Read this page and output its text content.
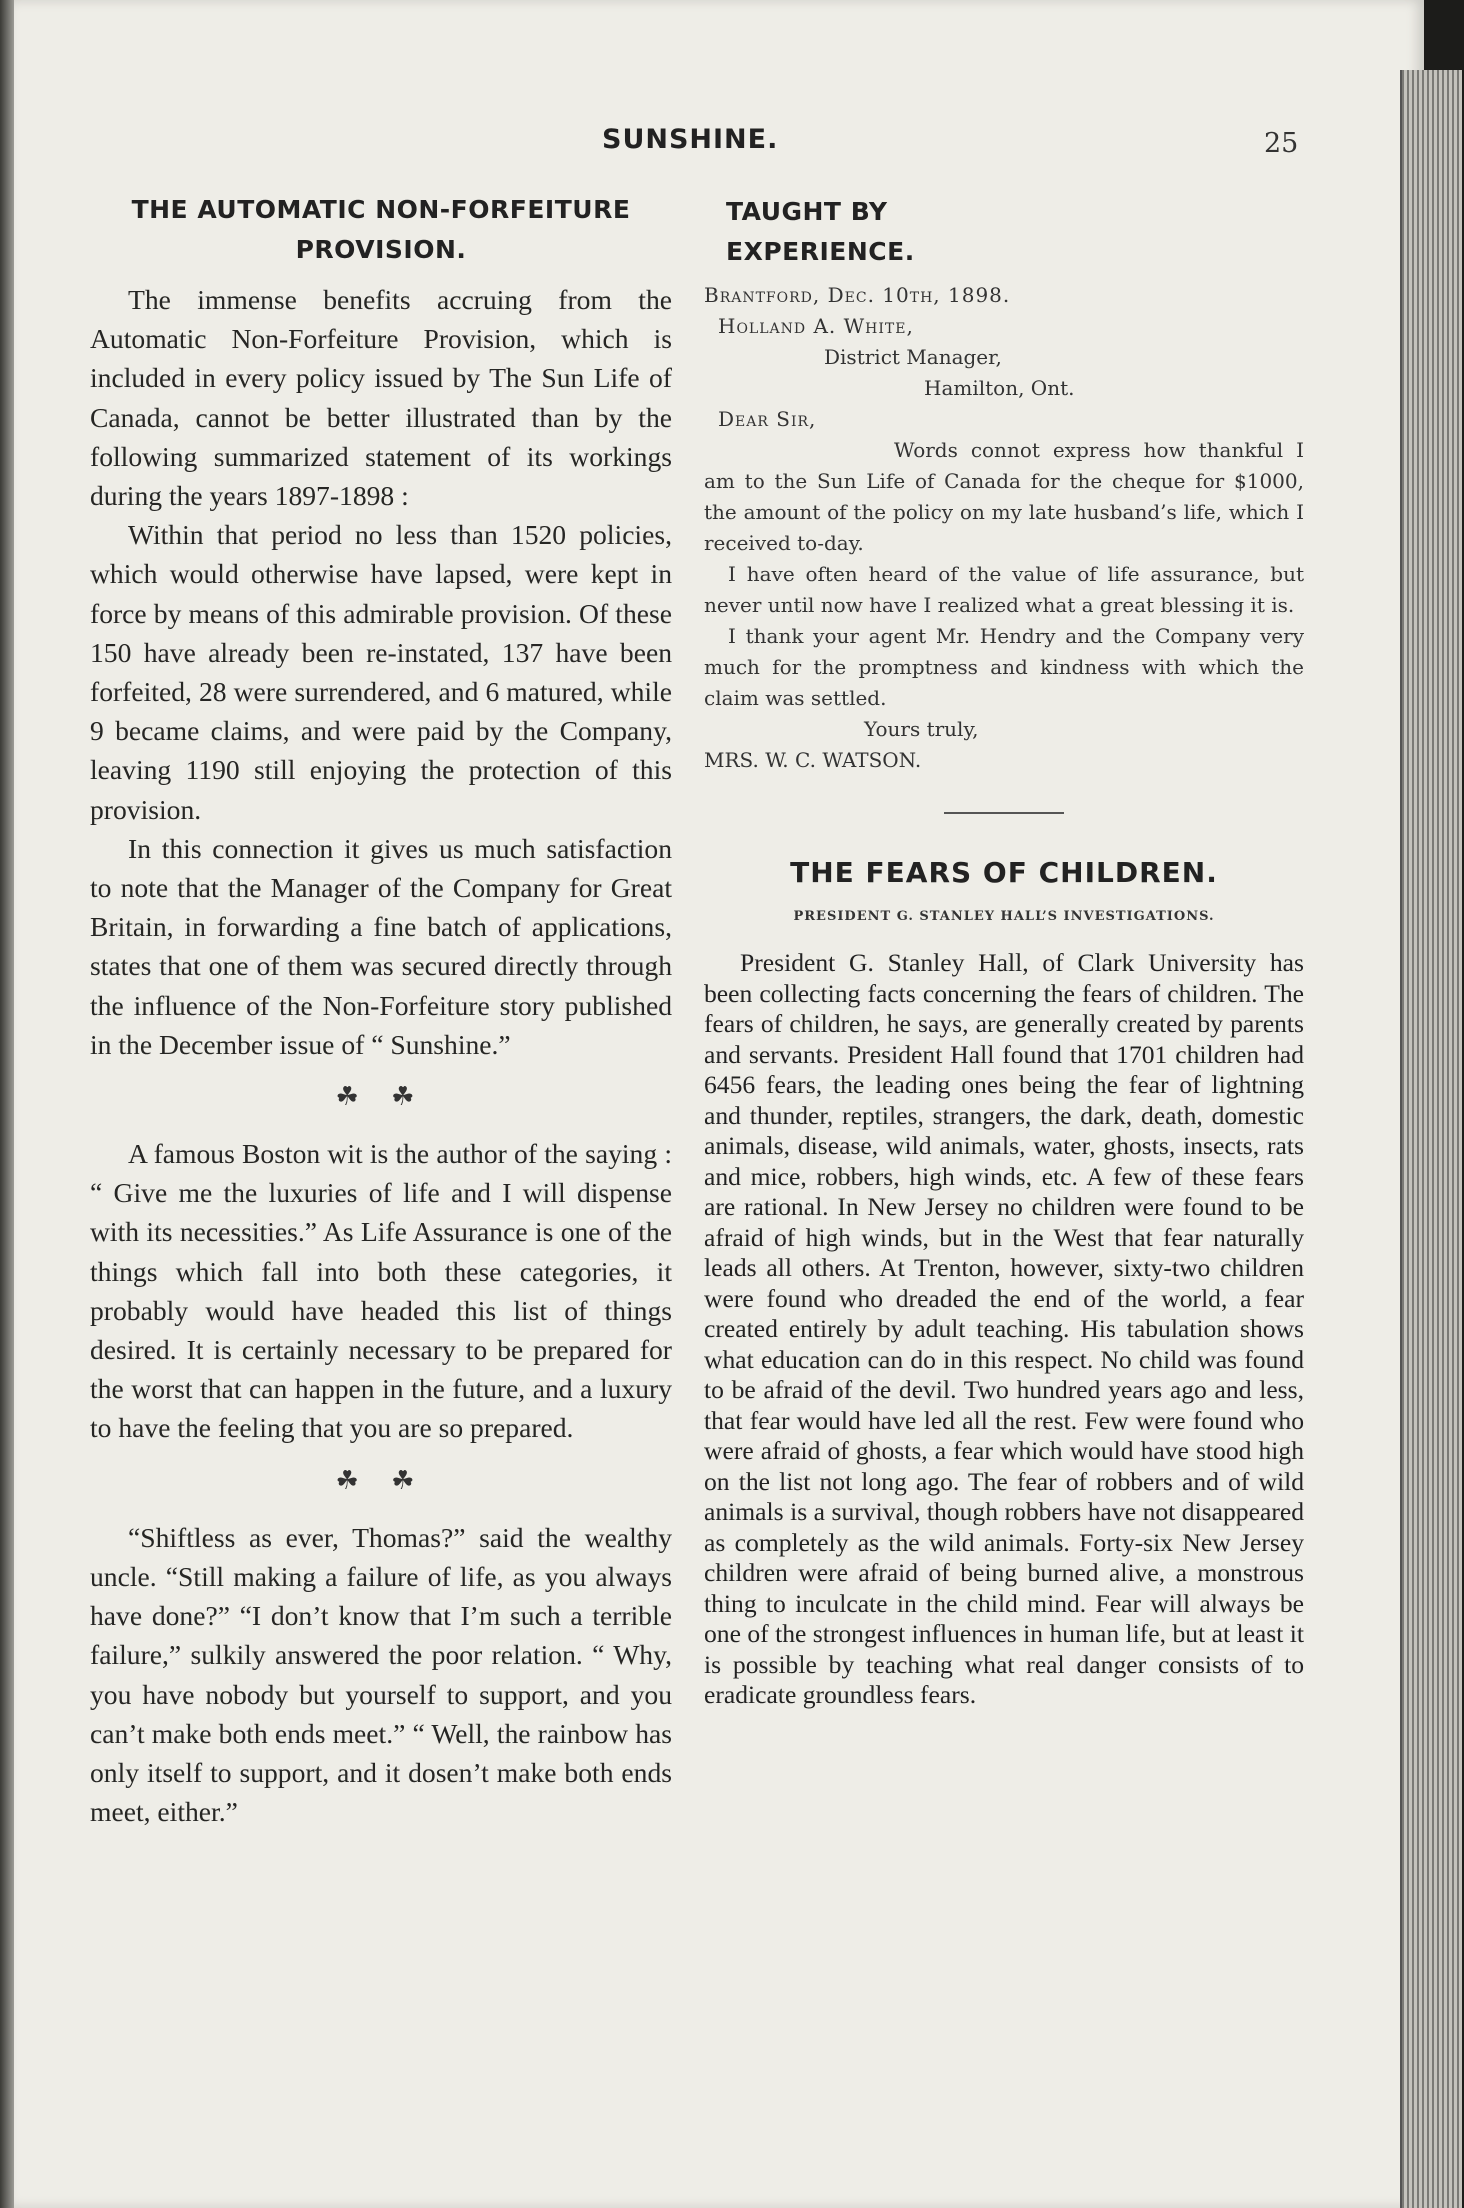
SUNSHINE.	25
THE AUTOMATIC NON-FORFEITURE PROVISION.

The immense benefits accruing from the Automatic Non-Forfeiture Provision, which is included in every policy issued by The Sun Life of Canada, cannot be better illustrated than by the following summarized statement of its workings during the years 1897-1898 :

Within that period no less than 1520 policies, which would otherwise have lapsed, were kept in force by means of this admirable provision. Of these 150 have already been re-instated, 137 have been forfeited, 28 were surrendered, and 6 matured, while 9 became claims, and were paid by the Company, leaving 1190 still enjoying the protection of this provision.

In this connection it gives us much satisfaction to note that the Manager of the Company for Great Britain, in forwarding a fine batch of applications, states that one of them was secured directly through the influence of the Non-Forfeiture story published in the December issue of “ Sunshine.”

☘ ☘

A famous Boston wit is the author of the saying : “ Give me the luxuries of life and I will dispense with its necessities.” As Life Assurance is one of the things which fall into both these categories, it probably would have headed this list of things desired. It is certainly necessary to be prepared for the worst that can happen in the future, and a luxury to have the feeling that you are so prepared.

☘ ☘

“Shiftless as ever, Thomas?” said the wealthy uncle. “Still making a failure of life, as you always have done?” “I don’t know that I’m such a terrible failure,” sulkily answered the poor relation. “ Why, you have nobody but yourself to support, and you can’t make both ends meet.” “ Well, the rainbow has only itself to support, and it dosen’t make both ends meet, either.”

TAUGHT BY
EXPERIENCE.

Brantford, Dec. 10th, 1898.

Holland A. White,

District Manager,

Hamilton, Ont.

Dear Sir,

Words connot express how thankful I am to the Sun Life of Canada for the cheque for $1000, the amount of the policy on my late husband’s life, which I received to-day.

I have often heard of the value of life assurance, but never until now have I realized what a great blessing it is.

I thank your agent Mr. Hendry and the Company very much for the promptness and kindness with which the claim was settled.

Yours truly,

MRS. W. C. WATSON.

THE FEARS OF CHILDREN.
PRESIDENT G. STANLEY HALL’S INVESTIGATIONS.

President G. Stanley Hall, of Clark University has been collecting facts concerning the fears of children. The fears of children, he says, are generally created by parents and servants. President Hall found that 1701 children had 6456 fears, the leading ones being the fear of lightning and thunder, reptiles, strangers, the dark, death, domestic animals, disease, wild animals, water, ghosts, insects, rats and mice, robbers, high winds, etc. A few of these fears are rational. In New Jersey no children were found to be afraid of high winds, but in the West that fear naturally leads all others. At Trenton, however, sixty-two children were found who dreaded the end of the world, a fear created entirely by adult teaching. His tabulation shows what education can do in this respect. No child was found to be afraid of the devil. Two hundred years ago and less, that fear would have led all the rest. Few were found who were afraid of ghosts, a fear which would have stood high on the list not long ago. The fear of robbers and of wild animals is a survival, though robbers have not disappeared as completely as the wild animals. Forty-six New Jersey children were afraid of being burned alive, a monstrous thing to inculcate in the child mind. Fear will always be one of the strongest influences in human life, but at least it is possible by teaching what real danger consists of to eradicate groundless fears.
